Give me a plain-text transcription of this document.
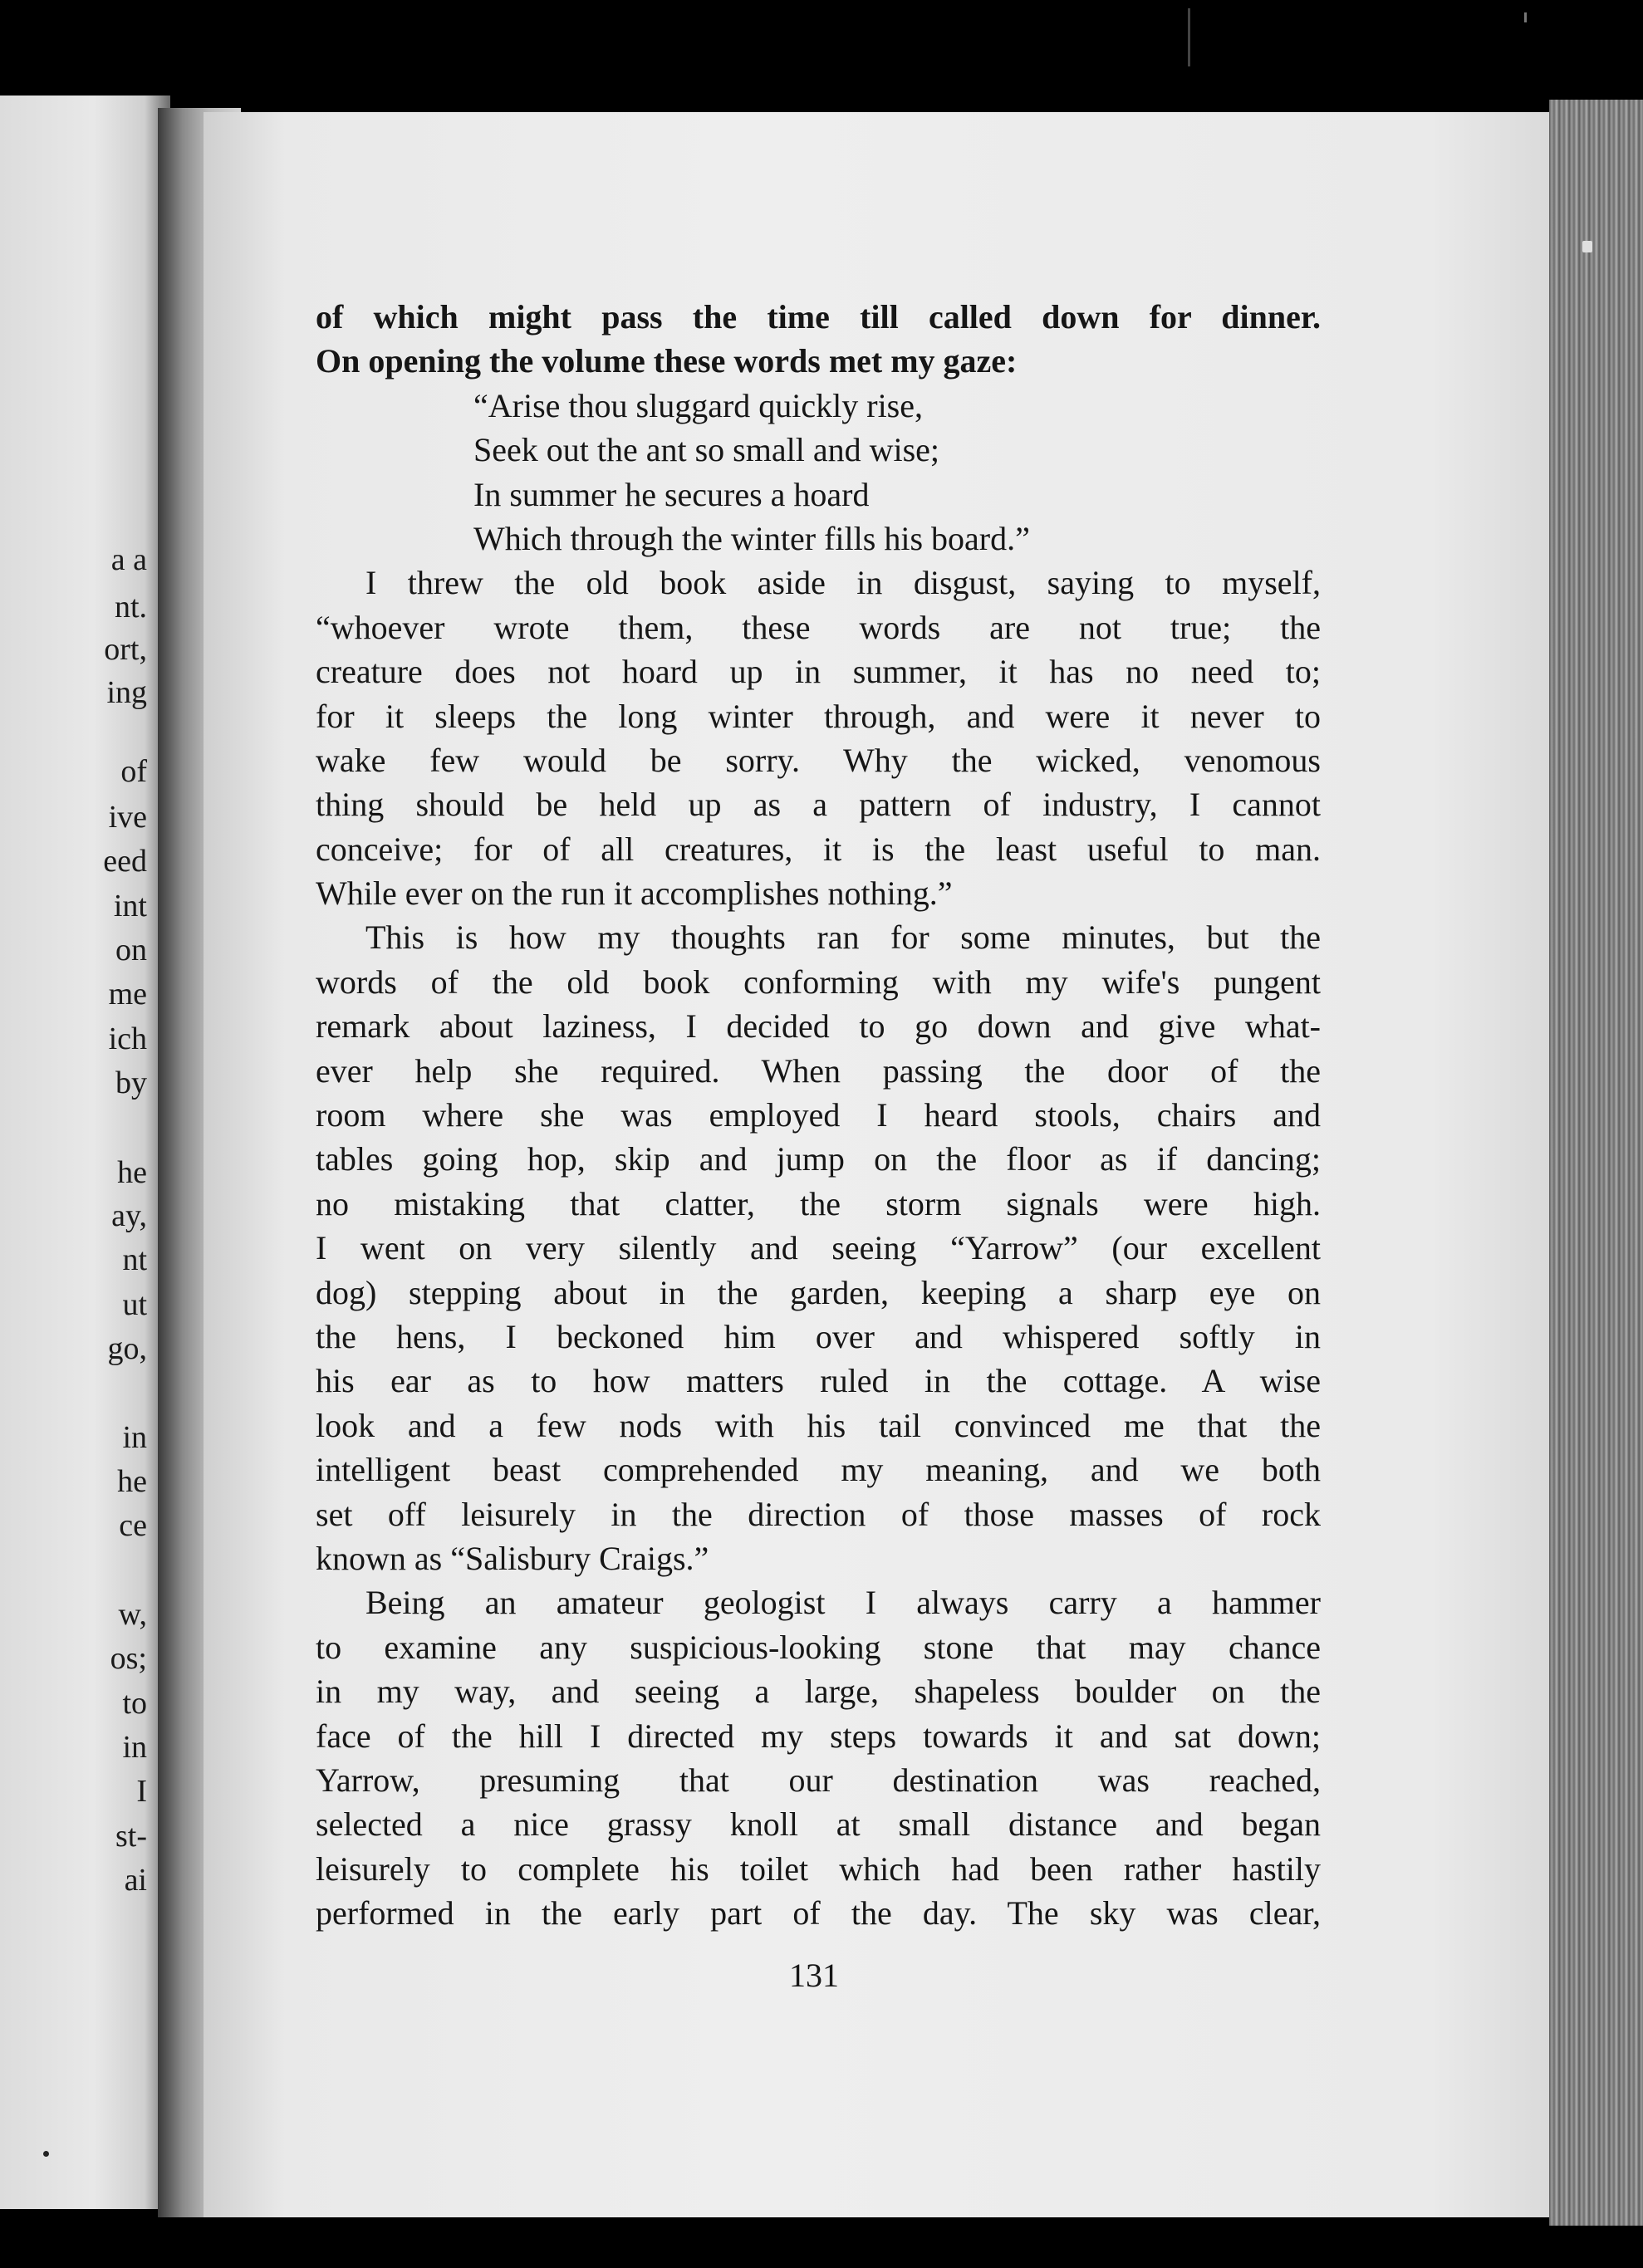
a a
nt.
ort,
ing
of
ive
eed
int
on
me
ich
by
he
ay,
nt
ut
go,
in
he
ce
w,
os;
to
in
I
st-
ai
of which might pass the time till called down for dinner.
On opening the volume these words met my gaze:
“Arise thou sluggard quickly rise,
Seek out the ant so small and wise;
In summer he secures a hoard
Which through the winter fills his board.”
I threw the old book aside in disgust, saying to myself,
“whoever wrote them, these words are not true; the
creature does not hoard up in summer, it has no need to;
for it sleeps the long winter through, and were it never to
wake few would be sorry. Why the wicked, venomous
thing should be held up as a pattern of industry, I cannot
conceive; for of all creatures, it is the least useful to man.
While ever on the run it accomplishes nothing.”
This is how my thoughts ran for some minutes, but the
words of the old book conforming with my wife's pungent
remark about laziness, I decided to go down and give what-
ever help she required. When passing the door of the
room where she was employed I heard stools, chairs and
tables going hop, skip and jump on the floor as if dancing;
no mistaking that clatter, the storm signals were high.
I went on very silently and seeing “Yarrow” (our excellent
dog) stepping about in the garden, keeping a sharp eye on
the hens, I beckoned him over and whispered softly in
his ear as to how matters ruled in the cottage. A wise
look and a few nods with his tail convinced me that the
intelligent beast comprehended my meaning, and we both
set off leisurely in the direction of those masses of rock
known as “Salisbury Craigs.”
Being an amateur geologist I always carry a hammer
to examine any suspicious-looking stone that may chance
in my way, and seeing a large, shapeless boulder on the
face of the hill I directed my steps towards it and sat down;
Yarrow, presuming that our destination was reached,
selected a nice grassy knoll at small distance and began
leisurely to complete his toilet which had been rather hastily
performed in the early part of the day. The sky was clear,
131
